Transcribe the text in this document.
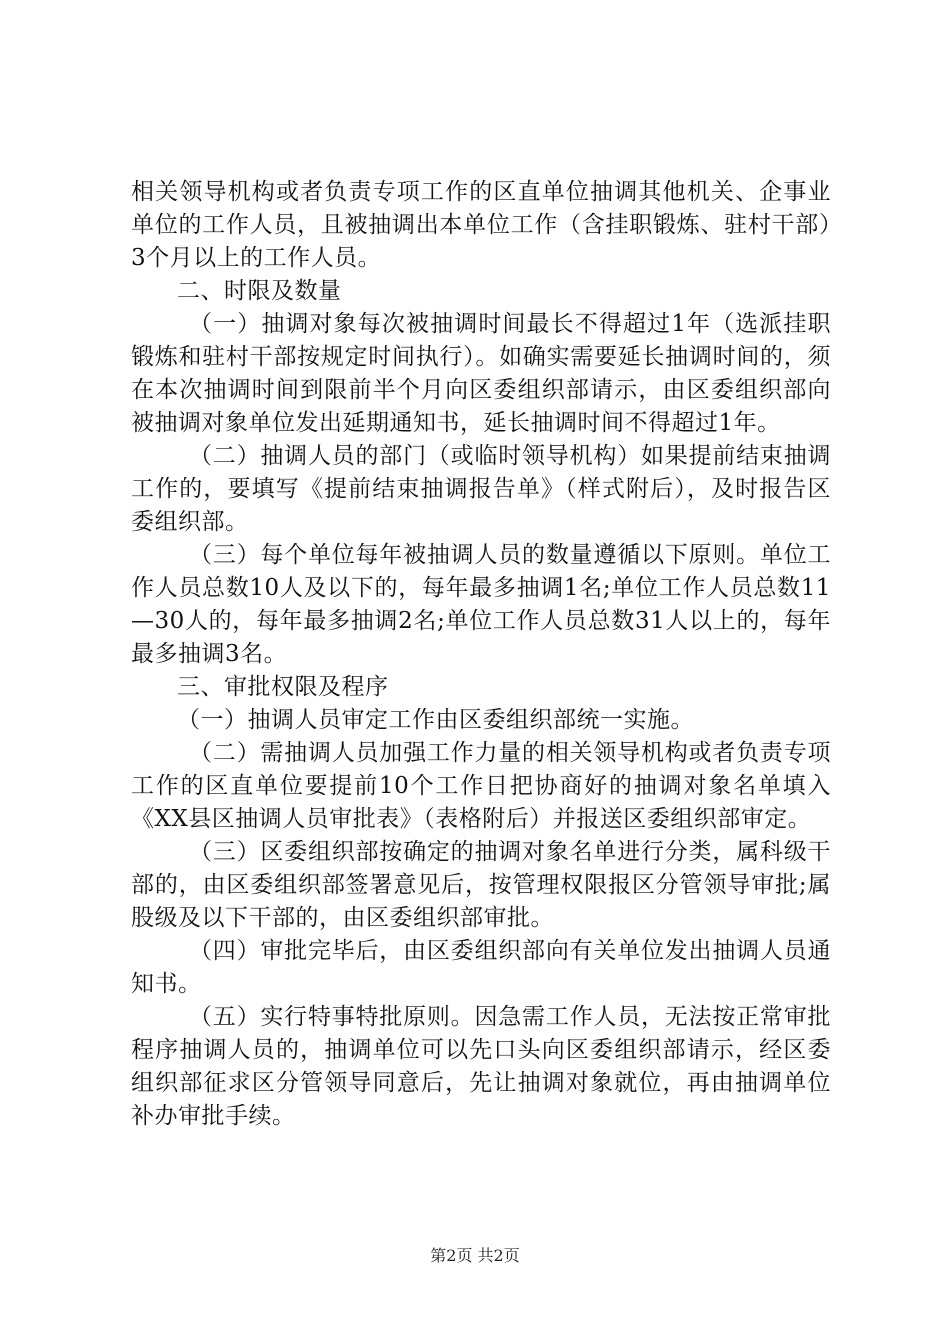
相关领导机构或者负责专项工作的区直单位抽调其他机关、企事业单位的工作人员，且被抽调出本单位工作（含挂职锻炼、驻村干部）3个月以上的工作人员。

二、时限及数量

（一）抽调对象每次被抽调时间最长不得超过1年（选派挂职锻炼和驻村干部按规定时间执行）。如确实需要延长抽调时间的，须在本次抽调时间到限前半个月向区委组织部请示，由区委组织部向被抽调对象单位发出延期通知书，延长抽调时间不得超过1年。

（二）抽调人员的部门（或临时领导机构）如果提前结束抽调工作的，要填写《提前结束抽调报告单》（样式附后），及时报告区委组织部。

（三）每个单位每年被抽调人员的数量遵循以下原则。单位工作人员总数10人及以下的，每年最多抽调1名;单位工作人员总数11—30人的，每年最多抽调2名;单位工作人员总数31人以上的，每年最多抽调3名。

三、审批权限及程序

（一）抽调人员审定工作由区委组织部统一实施。

（二）需抽调人员加强工作力量的相关领导机构或者负责专项工作的区直单位要提前10个工作日把协商好的抽调对象名单填入《XX县区抽调人员审批表》（表格附后）并报送区委组织部审定。

（三）区委组织部按确定的抽调对象名单进行分类，属科级干部的，由区委组织部签署意见后，按管理权限报区分管领导审批;属股级及以下干部的，由区委组织部审批。

（四）审批完毕后，由区委组织部向有关单位发出抽调人员通知书。

（五）实行特事特批原则。因急需工作人员，无法按正常审批程序抽调人员的，抽调单位可以先口头向区委组织部请示，经区委组织部征求区分管领导同意后，先让抽调对象就位，再由抽调单位补办审批手续。

第2页 共2页
